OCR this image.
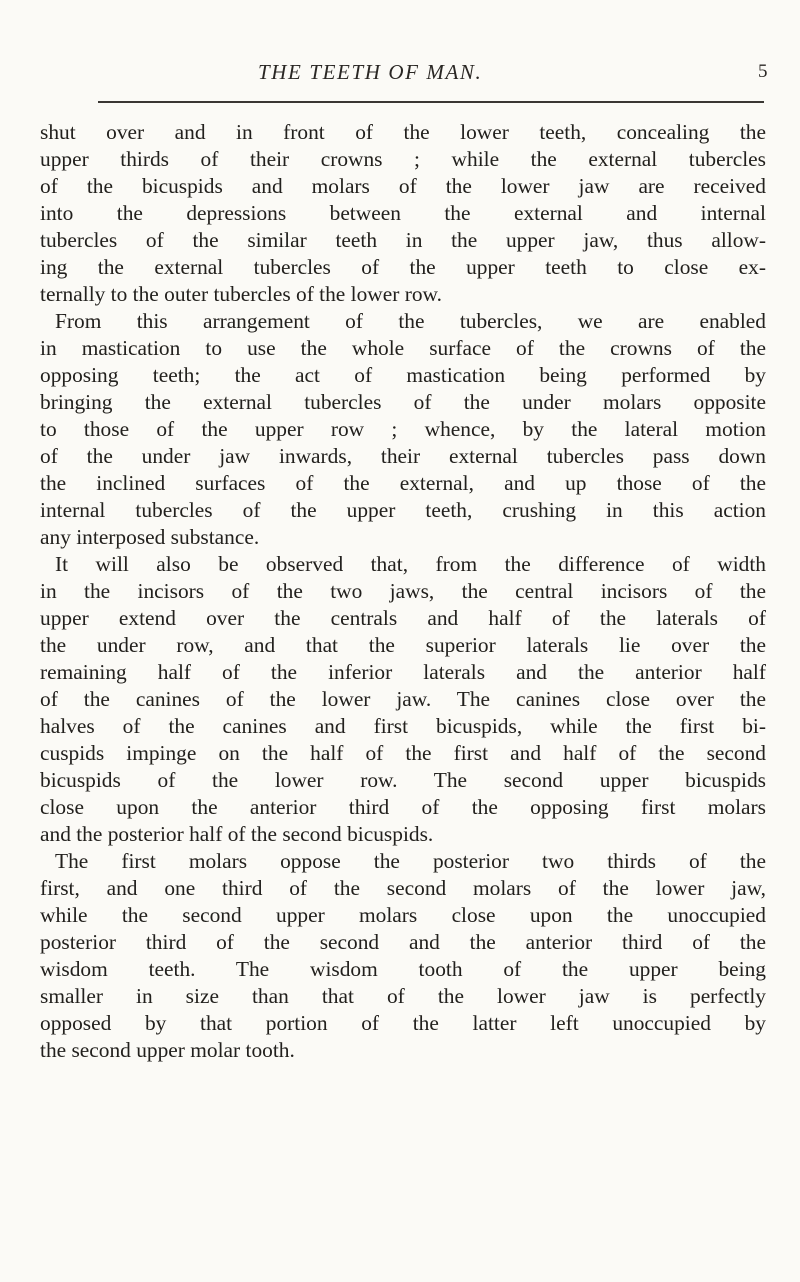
THE TEETH OF MAN.	5
shut over and in front of the lower teeth, concealing the
upper thirds of their crowns ; while the external tubercles
of the bicuspids and molars of the lower jaw are received
into the depressions between the external and internal
tubercles of the similar teeth in the upper jaw, thus allow-
ing the external tubercles of the upper teeth to close ex-
ternally to the outer tubercles of the lower row.
From this arrangement of the tubercles, we are enabled
in mastication to use the whole surface of the crowns of the
opposing teeth; the act of mastication being performed by
bringing the external tubercles of the under molars opposite
to those of the upper row ; whence, by the lateral motion
of the under jaw inwards, their external tubercles pass down
the inclined surfaces of the external, and up those of the
internal tubercles of the upper teeth, crushing in this action
any interposed substance.
It will also be observed that, from the difference of width
in the incisors of the two jaws, the central incisors of the
upper extend over the centrals and half of the laterals of
the under row, and that the superior laterals lie over the
remaining half of the inferior laterals and the anterior half
of the canines of the lower jaw. The canines close over the
halves of the canines and first bicuspids, while the first bi-
cuspids impinge on the half of the first and half of the second
bicuspids of the lower row. The second upper bicuspids
close upon the anterior third of the opposing first molars
and the posterior half of the second bicuspids.
The first molars oppose the posterior two thirds of the
first, and one third of the second molars of the lower jaw,
while the second upper molars close upon the unoccupied
posterior third of the second and the anterior third of the
wisdom teeth. The wisdom tooth of the upper being
smaller in size than that of the lower jaw is perfectly
opposed by that portion of the latter left unoccupied by
the second upper molar tooth.
